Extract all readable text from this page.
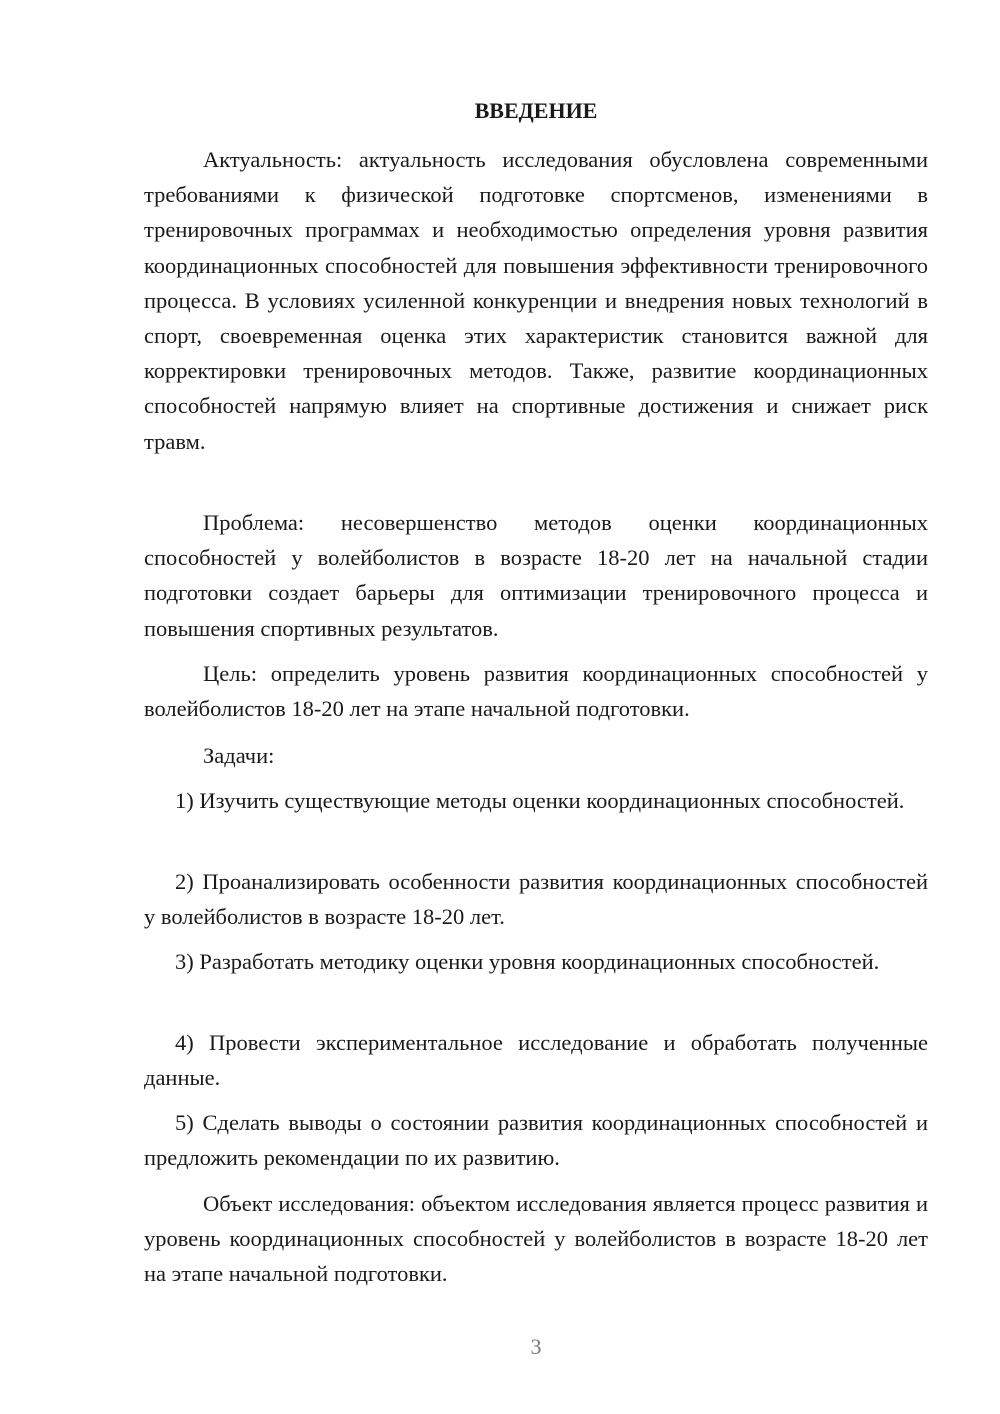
ВВЕДЕНИЕ

Актуальность: актуальность исследования обусловлена современными требованиями к физической подготовке спортсменов, изменениями в тренировочных программах и необходимостью определения уровня развития координационных способностей для повышения эффективности тренировочного процесса. В условиях усиленной конкуренции и внедрения новых технологий в спорт, своевременная оценка этих характеристик становится важной для корректировки тренировочных методов. Также, развитие координационных способностей напрямую влияет на спортивные достижения и снижает риск травм.

Проблема: несовершенство методов оценки координационных способностей у волейболистов в возрасте 18-20 лет на начальной стадии подготовки создает барьеры для оптимизации тренировочного процесса и повышения спортивных результатов.

Цель: определить уровень развития координационных способностей у волейболистов 18-20 лет на этапе начальной подготовки.

Задачи:

1) Изучить существующие методы оценки координационных способностей.

2) Проанализировать особенности развития координационных способностей у волейболистов в возрасте 18-20 лет.

3) Разработать методику оценки уровня координационных способностей.

4) Провести экспериментальное исследование и обработать полученные данные.

5) Сделать выводы о состоянии развития координационных способностей и предложить рекомендации по их развитию.

Объект исследования: объектом исследования является процесс развития и уровень координационных способностей у волейболистов в возрасте 18-20 лет на этапе начальной подготовки.

3
